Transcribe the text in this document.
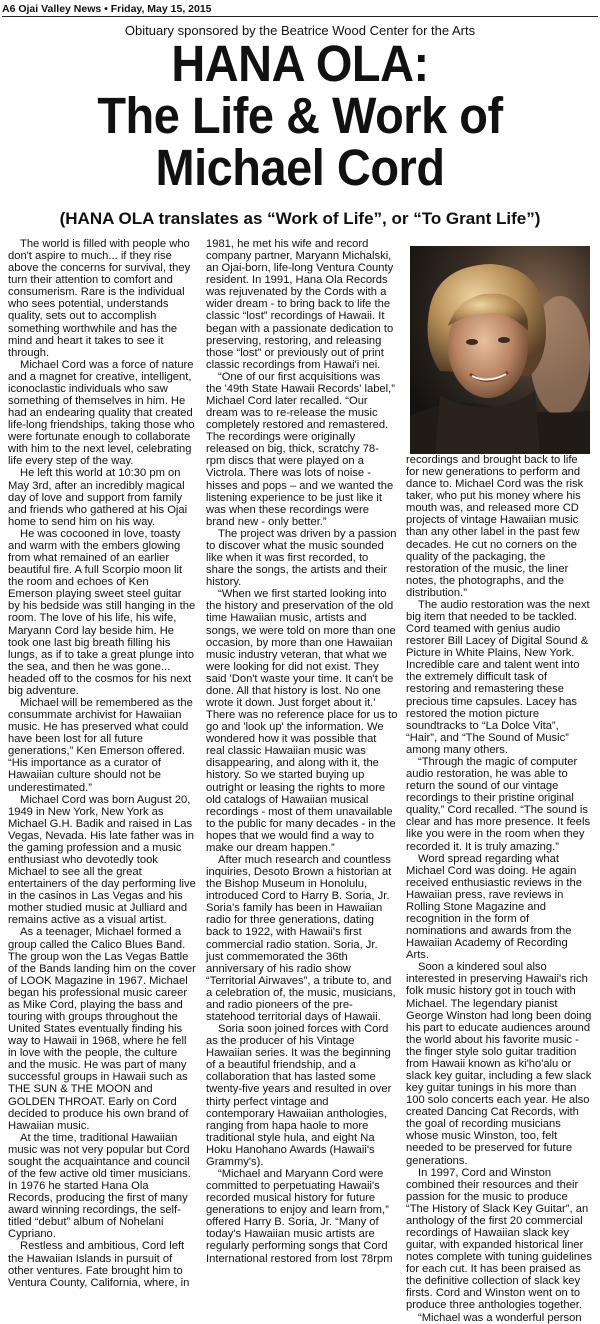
A6 Ojai Valley News • Friday, May 15, 2015
Obituary sponsored by the Beatrice Wood Center for the Arts
HANA OLA:
The Life & Work of
Michael Cord
(HANA OLA translates as “Work of Life”, or “To Grant Life”)

The world is filled with people who don't aspire to much... if they rise above the concerns for survival, they turn their attention to comfort and consumerism. Rare is the individual who sees potential, understands quality, sets out to accomplish something worthwhile and has the mind and heart it takes to see it through.

Michael Cord was a force of nature and a magnet for creative, intelligent, iconoclastic individuals who saw something of themselves in him. He had an endearing quality that created life-long friendships, taking those who were fortunate enough to collaborate with him to the next level, celebrating life every step of the way.

He left this world at 10:30 pm on May 3rd, after an incredibly magical day of love and support from family and friends who gathered at his Ojai home to send him on his way.

He was cocooned in love, toasty and warm with the embers glowing from what remained of an earlier beautiful fire. A full Scorpio moon lit the room and echoes of Ken Emerson playing sweet steel guitar by his bedside was still hanging in the room. The love of his life, his wife, Maryann Cord lay beside him. He took one last big breath filling his lungs, as if to take a great plunge into the sea, and then he was gone... headed off to the cosmos for his next big adventure.

Michael will be remembered as the consummate archivist for Hawaiian music. He has preserved what could have been lost for all future generations,” Ken Emerson offered. “His importance as a curator of Hawaiian culture should not be underestimated.”

Michael Cord was born August 20, 1949 in New York, New York as Michael G.H. Badik and raised in Las Vegas, Nevada. His late father was in the gaming profession and a music enthusiast who devotedly took Michael to see all the great entertainers of the day performing live in the casinos in Las Vegas and his mother studied music at Julliard and remains active as a visual artist.

As a teenager, Michael formed a group called the Calico Blues Band. The group won the Las Vegas Battle of the Bands landing him on the cover of LOOK Magazine in 1967. Michael began his professional music career as Mike Cord, playing the bass and touring with groups throughout the United States eventually finding his way to Hawaii in 1968, where he fell in love with the people, the culture and the music. He was part of many successful groups in Hawaii such as THE SUN & THE MOON and GOLDEN THROAT. Early on Cord decided to produce his own brand of Hawaiian music.

At the time, traditional Hawaiian music was not very popular but Cord sought the acquaintance and council of the few active old timer musicians. In 1976 he started Hana Ola Records, producing the first of many award winning recordings, the self-titled “debut” album of Nohelani Cypriano.

Restless and ambitious, Cord left the Hawaiian Islands in pursuit of other ventures. Fate brought him to Ventura County, California, where, in

1981, he met his wife and record company partner, Maryann Michalski, an Ojai-born, life-long Ventura County resident. In 1991, Hana Ola Records was rejuvenated by the Cords with a wider dream - to bring back to life the classic “lost” recordings of Hawaii. It began with a passionate dedication to preserving, restoring, and releasing those “lost” or previously out of print classic recordings from Hawai'i nei.

“One of our first acquisitions was the '49th State Hawaii Records' label,” Michael Cord later recalled. “Our dream was to re-release the music completely restored and remastered. The recordings were originally released on big, thick, scratchy 78-rpm discs that were played on a Victrola. There was lots of noise - hisses and pops – and we wanted the listening experience to be just like it was when these recordings were brand new - only better.”

The project was driven by a passion to discover what the music sounded like when it was first recorded, to share the songs, the artists and their history.

“When we first started looking into the history and preservation of the old time Hawaiian music, artists and songs, we were told on more than one occasion, by more than one Hawaiian music industry veteran, that what we were looking for did not exist. They said 'Don't waste your time. It can't be done. All that history is lost. No one wrote it down. Just forget about it.' There was no reference place for us to go and 'look up' the information. We wondered how it was possible that real classic Hawaiian music was disappearing, and along with it, the history. So we started buying up outright or leasing the rights to more old catalogs of Hawaiian musical recordings - most of them unavailable to the public for many decades - in the hopes that we would find a way to make our dream happen.”

After much research and countless inquiries, Desoto Brown a historian at the Bishop Museum in Honolulu, introduced Cord to Harry B. Soria, Jr. Soria's family has been in Hawaiian radio for three generations, dating back to 1922, with Hawaii's first commercial radio station. Soria, Jr. just commemorated the 36th anniversary of his radio show “Territorial Airwaves”, a tribute to, and a celebration of, the music, musicians, and radio pioneers of the pre-statehood territorial days of Hawaii.

Soria soon joined forces with Cord as the producer of his Vintage Hawaiian series. It was the beginning of a beautiful friendship, and a collaboration that has lasted some twenty-five years and resulted in over thirty perfect vintage and contemporary Hawaiian anthologies, ranging from hapa haole to more traditional style hula, and eight Na Hoku Hanohano Awards (Hawaii's Grammy's).

“Michael and Maryann Cord were committed to perpetuating Hawaii's recorded musical history for future generations to enjoy and learn from,” offered Harry B. Soria, Jr. “Many of today's Hawaiian music artists are regularly performing songs that Cord International restored from lost 78rpm

recordings and brought back to life for new generations to perform and dance to. Michael Cord was the risk taker, who put his money where his mouth was, and released more CD projects of vintage Hawaiian music than any other label in the past few decades. He cut no corners on the quality of the packaging, the restoration of the music, the liner notes, the photographs, and the distribution.”

The audio restoration was the next big item that needed to be tackled. Cord teamed with genius audio restorer Bill Lacey of Digital Sound & Picture in White Plains, New York. Incredible care and talent went into the extremely difficult task of restoring and remastering these precious time capsules. Lacey has restored the motion picture soundtracks to “La Dolce Vita”, “Hair”, and “The Sound of Music” among many others.

“Through the magic of computer audio restoration, he was able to return the sound of our vintage recordings to their pristine original quality,” Cord recalled. “The sound is clear and has more presence. It feels like you were in the room when they recorded it. It is truly amazing.”

Word spread regarding what Michael Cord was doing. He again received enthusiastic reviews in the Hawaiian press, rave reviews in Rolling Stone Magazine and recognition in the form of nominations and awards from the Hawaiian Academy of Recording Arts.

Soon a kindered soul also interested in preserving Hawaii's rich folk music history got in touch with Michael. The legendary pianist George Winston had long been doing his part to educate audiences around the world about his favorite music - the finger style solo guitar tradition from Hawaii known as ki'ho'alu or slack key guitar, including a few slack key guitar tunings in his more than 100 solo concerts each year. He also created Dancing Cat Records, with the goal of recording musicians whose music Winston, too, felt needed to be preserved for future generations.

In 1997, Cord and Winston combined their resources and their passion for the music to produce “The History of Slack Key Guitar”, an anthology of the first 20 commercial recordings of Hawaiian slack key guitar, with expanded historical liner notes complete with tuning guidelines for each cut. It has been praised as the definitive collection of slack key firsts. Cord and Winston went on to produce three anthologies together.

“Michael was a wonderful person
